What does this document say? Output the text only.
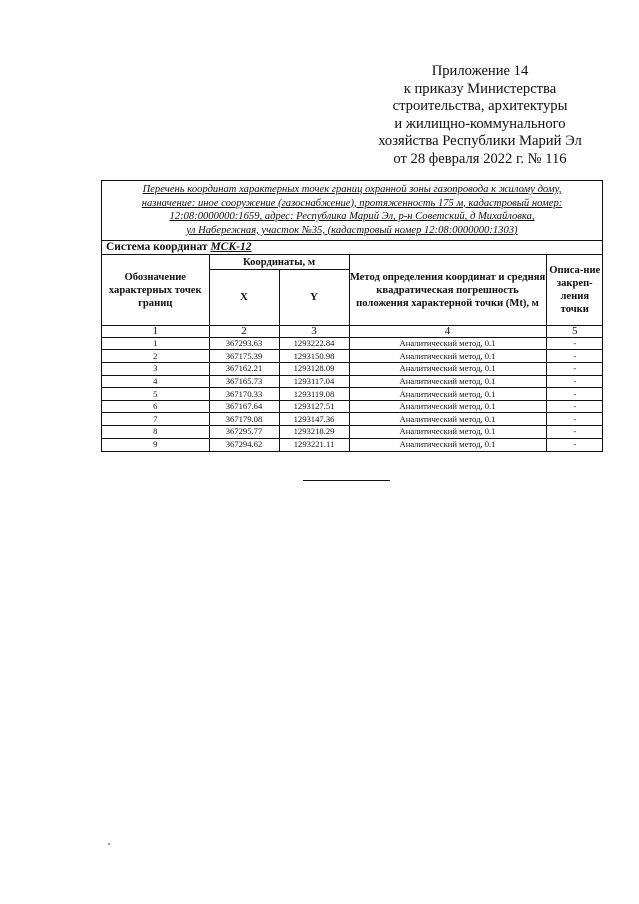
Приложение 14
к приказу Министерства
строительства, архитектуры
и жилищно-коммунального
хозяйства Республики Марий Эл
от 28 февраля 2022 г. № 116
Перечень координат характерных точек границ охранной зоны газопровода к жилому дому,
назначение: иное сооружение (газоснабжение), протяженность 175 м, кадастровый номер:
12:08:0000000:1659, адрес: Республика Марий Эл, р-н Советский, д Михайловка,
ул Набережная, участок №35, (кадастровый номер 12:08:0000000:1303)
Система координат МСК-12
Обозначение характерных точек границ	Координаты, м		Метод определения координат и средняя квадратическая погрешность положения характерной точки (Mt), м	Описа-ние закреп-ления точки
	X	Y		
1	2	3	4	5
1	367293.63	1293222.84	Аналитический метод, 0.1	-
2	367175.39	1293150.98	Аналитический метод, 0.1	-
3	367162.21	1293128.09	Аналитический метод, 0.1	-
4	367165.73	1293117.04	Аналитический метод, 0.1	-
5	367170.33	1293119.08	Аналитический метод, 0.1	-
6	367167.64	1293127.51	Аналитический метод, 0.1	-
7	367179.08	1293147.36	Аналитический метод, 0.1	-
8	367295.77	1293218.29	Аналитический метод, 0.1	-
9	367294.62	1293221.11	Аналитический метод, 0.1	-
